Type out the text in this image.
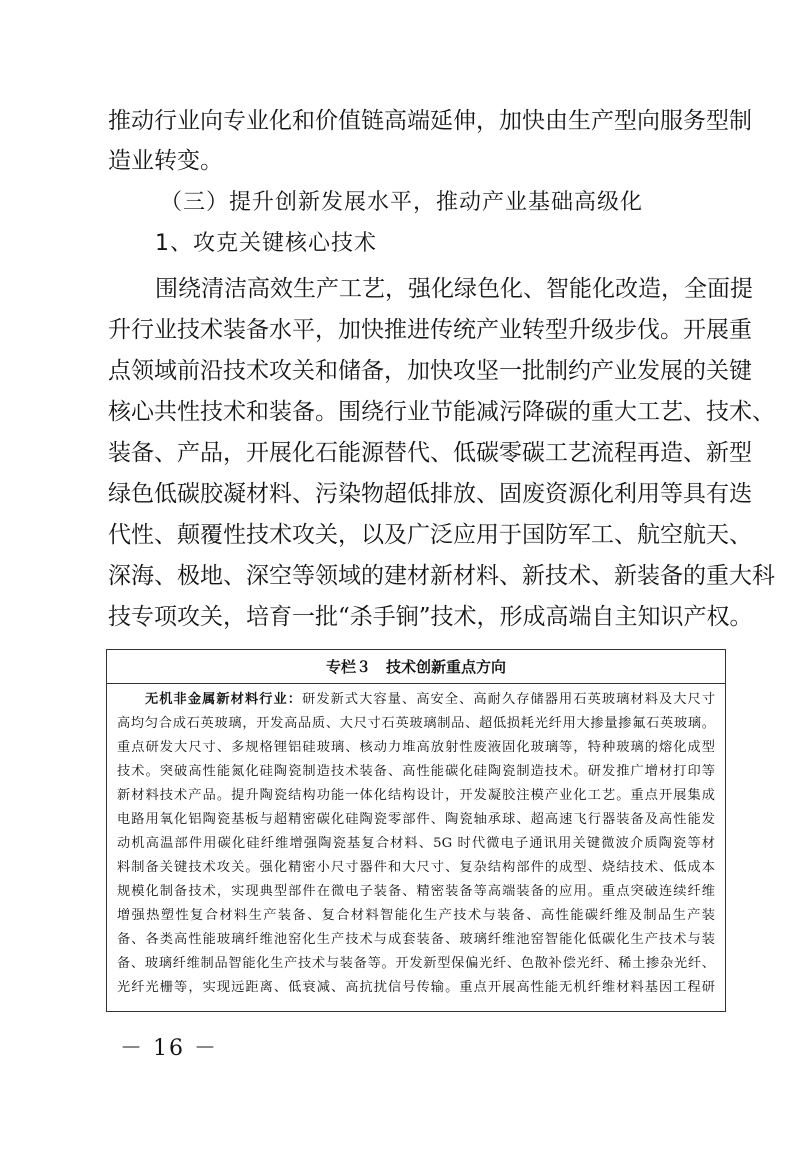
推动行业向专业化和价值链高端延伸，加快由生产型向服务型制
造业转变。
（三）提升创新发展水平，推动产业基础高级化
1、攻克关键核心技术
围绕清洁高效生产工艺，强化绿色化、智能化改造，全面提
升行业技术装备水平，加快推进传统产业转型升级步伐。开展重
点领域前沿技术攻关和储备，加快攻坚一批制约产业发展的关键
核心共性技术和装备。围绕行业节能减污降碳的重大工艺、技术、
装备、产品，开展化石能源替代、低碳零碳工艺流程再造、新型
绿色低碳胶凝材料、污染物超低排放、固废资源化利用等具有迭
代性、颠覆性技术攻关，以及广泛应用于国防军工、航空航天、
深海、极地、深空等领域的建材新材料、新技术、新装备的重大科
技专项攻关，培育一批“杀手锏”技术，形成高端自主知识产权。
专栏３　技术创新重点方向
无机非金属新材料行业：研发新式大容量、高安全、高耐久存储器用石英玻璃材料及大尺寸
高均匀合成石英玻璃，开发高品质、大尺寸石英玻璃制品、超低损耗光纤用大掺量掺氟石英玻璃。
重点研发大尺寸、多规格锂铝硅玻璃、核动力堆高放射性废液固化玻璃等，特种玻璃的熔化成型
技术。突破高性能氮化硅陶瓷制造技术装备、高性能碳化硅陶瓷制造技术。研发推广增材打印等
新材料技术产品。提升陶瓷结构功能一体化结构设计，开发凝胶注模产业化工艺。重点开展集成
电路用氧化铝陶瓷基板与超精密碳化硅陶瓷零部件、陶瓷轴承球、超高速飞行器装备及高性能发
动机高温部件用碳化硅纤维增强陶瓷基复合材料、5G 时代微电子通讯用关键微波介质陶瓷等材
料制备关键技术攻关。强化精密小尺寸器件和大尺寸、复杂结构部件的成型、烧结技术、低成本
规模化制备技术，实现典型部件在微电子装备、精密装备等高端装备的应用。重点突破连续纤维
增强热塑性复合材料生产装备、复合材料智能化生产技术与装备、高性能碳纤维及制品生产装
备、各类高性能玻璃纤维池窑化生产技术与成套装备、玻璃纤维池窑智能化低碳化生产技术与装
备、玻璃纤维制品智能化生产技术与装备等。开发新型保偏光纤、色散补偿光纤、稀土掺杂光纤、
光纤光栅等，实现远距离、低衰减、高抗扰信号传输。重点开展高性能无机纤维材料基因工程研
－ 16 －
